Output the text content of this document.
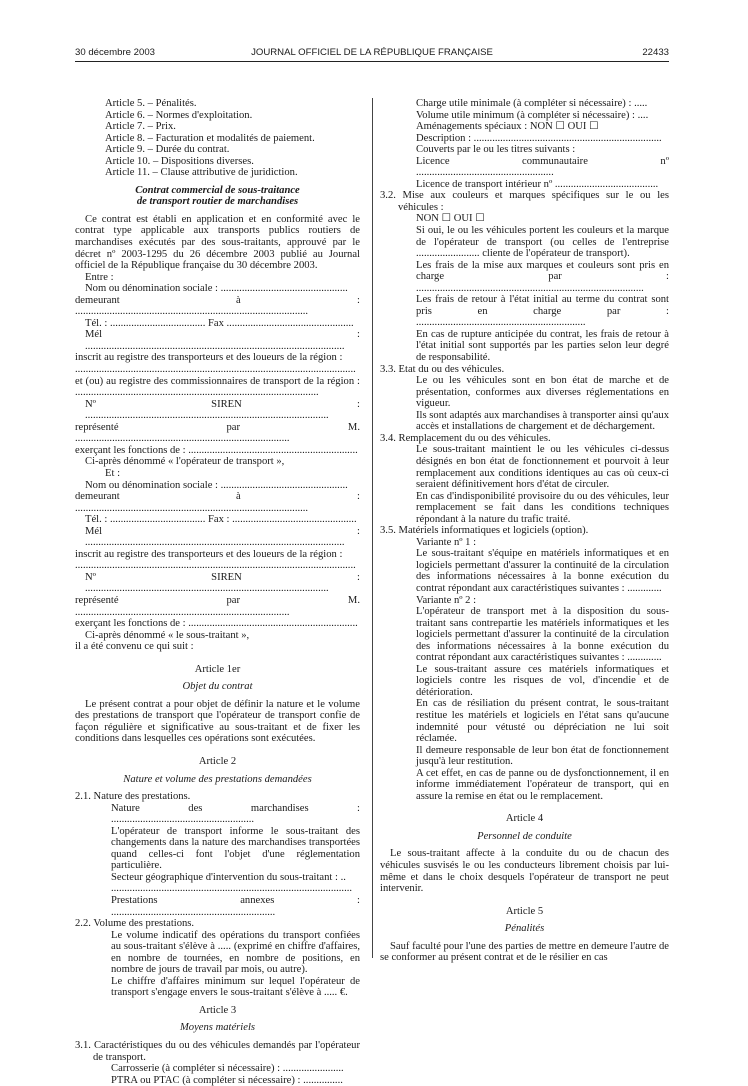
30 décembre 2003	JOURNAL OFFICIEL DE LA RÉPUBLIQUE FRANÇAISE	22433

Article 5. – Pénalités.

Article 6. – Normes d'exploitation.

Article 7. – Prix.

Article 8. – Facturation et modalités de paiement.

Article 9. – Durée du contrat.

Article 10. – Dispositions diverses.

Article 11. – Clause attributive de juridiction.

Contrat commercial de sous-traitance

de transport routier de marchandises

Ce contrat est établi en application et en conformité avec le contrat type applicable aux transports publics routiers de marchandises exécutés par des sous-traitants, approuvé par le décret nº 2003-1295 du 26 décembre 2003 publié au Journal officiel de la République française du 30 décembre 2003.

Entre :

Nom ou dénomination sociale : ................................................

demeurant à : ........................................................................................

Tél. : .................................... Fax ................................................

Mél : ..................................................................................................

inscrit au registre des transporteurs et des loueurs de la région :

..........................................................................................................

et (ou) au registre des commissionnaires de transport de la région : ............................................................................................

Nº SIREN : ............................................................................................

représenté par M. .................................................................................

exerçant les fonctions de : ................................................................

Ci-après dénommé « l'opérateur de transport »,

Et :

Nom ou dénomination sociale : ................................................

demeurant à : ........................................................................................

Tél. : .................................... Fax : ...............................................

Mél : ..................................................................................................

inscrit au registre des transporteurs et des loueurs de la région :

..........................................................................................................

Nº SIREN : ............................................................................................

représenté par M. .................................................................................

exerçant les fonctions de : ................................................................

Ci-après dénommé « le sous-traitant »,

il a été convenu ce qui suit :

Article 1er

Objet du contrat

Le présent contrat a pour objet de définir la nature et le volume des prestations de transport que l'opérateur de transport confie de façon régulière et significative au sous-traitant et de fixer les conditions dans lesquelles ces opérations sont exécutées.

Article 2

Nature et volume des prestations demandées

2.1. Nature des prestations.

Nature des marchandises : ......................................................

L'opérateur de transport informe le sous-traitant des changements dans la nature des marchandises transportées quand celles-ci font l'objet d'une réglementation particulière.

Secteur géographique d'intervention du sous-traitant : ..

...........................................................................................

Prestations annexes : ..............................................................

2.2. Volume des prestations.

Le volume indicatif des opérations du transport confiées au sous-traitant s'élève à ..... (exprimé en chiffre d'affaires, en nombre de tournées, en nombre de positions, en nombre de jours de travail par mois, ou autre).

Le chiffre d'affaires minimum sur lequel l'opérateur de transport s'engage envers le sous-traitant s'élève à ..... €.

Article 3

Moyens matériels

3.1. Caractéristiques du ou des véhicules demandés par l'opérateur de transport.

Carrosserie (à compléter si nécessaire) : .......................

PTRA ou PTAC (à compléter si nécessaire) : ...............

Charge utile minimale (à compléter si nécessaire) : .....

Volume utile minimum (à compléter si nécessaire) : ....

Aménagements spéciaux : NON ☐ OUI ☐

Description : .......................................................................

Couverts par le ou les titres suivants :

Licence communautaire nº ....................................................

Licence de transport intérieur nº .......................................

3.2. Mise aux couleurs et marques spécifiques sur le ou les véhicules :

NON ☐ OUI ☐

Si oui, le ou les véhicules portent les couleurs et la marque de l'opérateur de transport (ou celles de l'entreprise ........................ cliente de l'opérateur de transport).

Les frais de la mise aux marques et couleurs sont pris en charge par : ......................................................................................

Les frais de retour à l'état initial au terme du contrat sont pris en charge par : ................................................................

En cas de rupture anticipée du contrat, les frais de retour à l'état initial sont supportés par les parties selon leur degré de responsabilité.

3.3. Etat du ou des véhicules.

Le ou les véhicules sont en bon état de marche et de présentation, conformes aux diverses réglementations en vigueur.

Ils sont adaptés aux marchandises à transporter ainsi qu'aux accès et installations de chargement et de déchargement.

3.4. Remplacement du ou des véhicules.

Le sous-traitant maintient le ou les véhicules ci-dessus désignés en bon état de fonctionnement et pourvoit à leur remplacement aux conditions identiques au cas où ceux-ci seraient définitivement hors d'état de circuler.

En cas d'indisponibilité provisoire du ou des véhicules, leur remplacement se fait dans les conditions techniques répondant à la nature du trafic traité.

3.5. Matériels informatiques et logiciels (option).

Variante nº 1 :

Le sous-traitant s'équipe en matériels informatiques et en logiciels permettant d'assurer la continuité de la circulation des informations nécessaires à la bonne exécution du contrat répondant aux caractéristiques suivantes : .............

Variante nº 2 :

L'opérateur de transport met à la disposition du sous-traitant sans contrepartie les matériels informatiques et les logiciels permettant d'assurer la continuité de la circulation des informations nécessaires à la bonne exécution du contrat répondant aux caractéristiques suivantes : .............

Le sous-traitant assure ces matériels informatiques et logiciels contre les risques de vol, d'incendie et de détérioration.

En cas de résiliation du présent contrat, le sous-traitant restitue les matériels et logiciels en l'état sans qu'aucune indemnité pour vétusté ou dépréciation ne lui soit réclamée.

Il demeure responsable de leur bon état de fonctionnement jusqu'à leur restitution.

A cet effet, en cas de panne ou de dysfonctionnement, il en informe immédiatement l'opérateur de transport, qui en assure la remise en état ou le remplacement.

Article 4

Personnel de conduite

Le sous-traitant affecte à la conduite du ou de chacun des véhicules susvisés le ou les conducteurs librement choisis par lui-même et dans le choix desquels l'opérateur de transport ne peut intervenir.

Article 5

Pénalités

Sauf faculté pour l'une des parties de mettre en demeure l'autre de se conformer au présent contrat et de le résilier en cas
